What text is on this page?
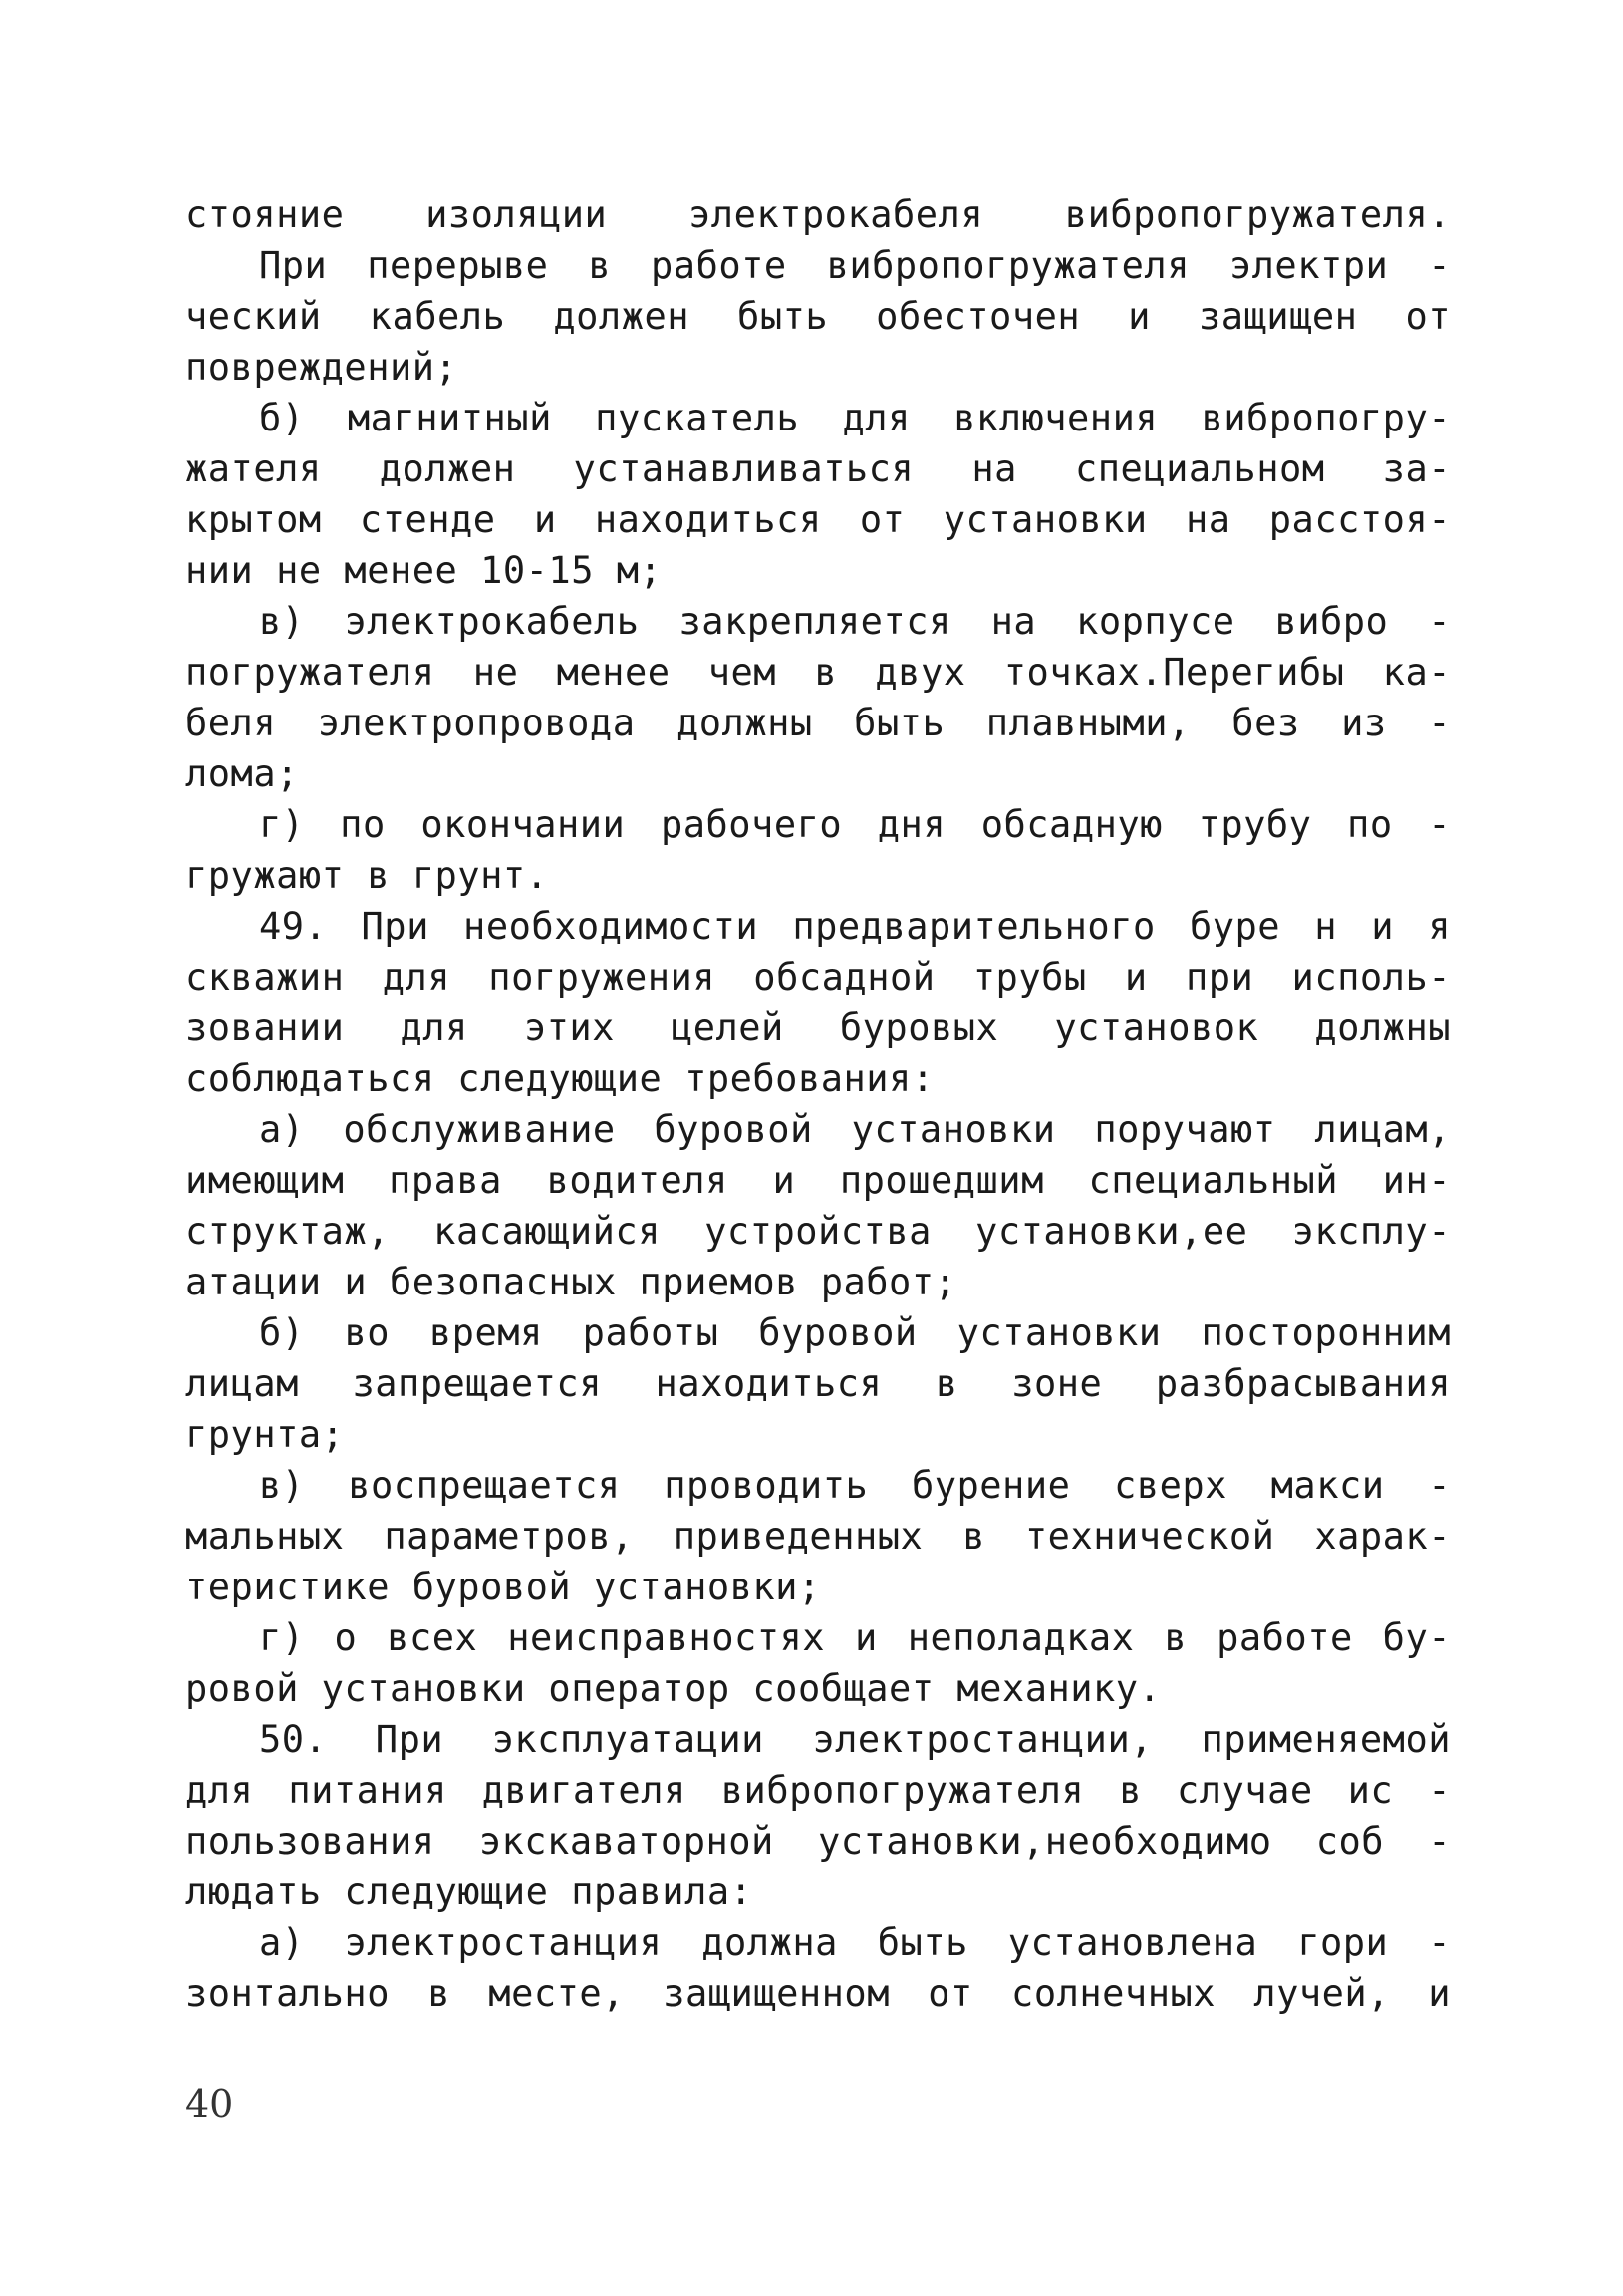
стояние изоляции электрокабеля вибропогружателя.
При перерыве в работе вибропогружателя электри -
ческий кабель должен быть обесточен и защищен от
повреждений;
б) магнитный пускатель для включения вибропогру-
жателя должен устанавливаться на специальном за-
крытом стенде и находиться от установки на расстоя-
нии не менее 10-15 м;
в) электрокабель закрепляется на корпусе вибро -
погружателя не менее чем в двух точках.Перегибы ка-
беля электропровода должны быть плавными, без из -
лома;
г) по окончании рабочего дня обсадную трубу по -
гружают в грунт.
49. При необходимости предварительного буре н и я
скважин для погружения обсадной трубы и при исполь-
зовании для этих целей буровых установок должны
соблюдаться следующие требования:
а) обслуживание буровой установки поручают лицам,
имеющим права водителя и прошедшим специальный ин-
структаж, касающийся устройства установки,ее эксплу-
атации и безопасных приемов работ;
б) во время работы буровой установки посторонним
лицам запрещается находиться в зоне разбрасывания
грунта;
в) воспрещается проводить бурение сверх макси -
мальных параметров, приведенных в технической харак-
теристике буровой установки;
г) о всех неисправностях и неполадках в работе бу-
ровой установки оператор сообщает механику.
50. При эксплуатации электростанции, применяемой
для питания двигателя вибропогружателя в случае ис -
пользования экскаваторной установки,необходимо соб -
людать следующие правила:
а) электростанция должна быть установлена гори -
зонтально в месте, защищенном от солнечных лучей, и
40
